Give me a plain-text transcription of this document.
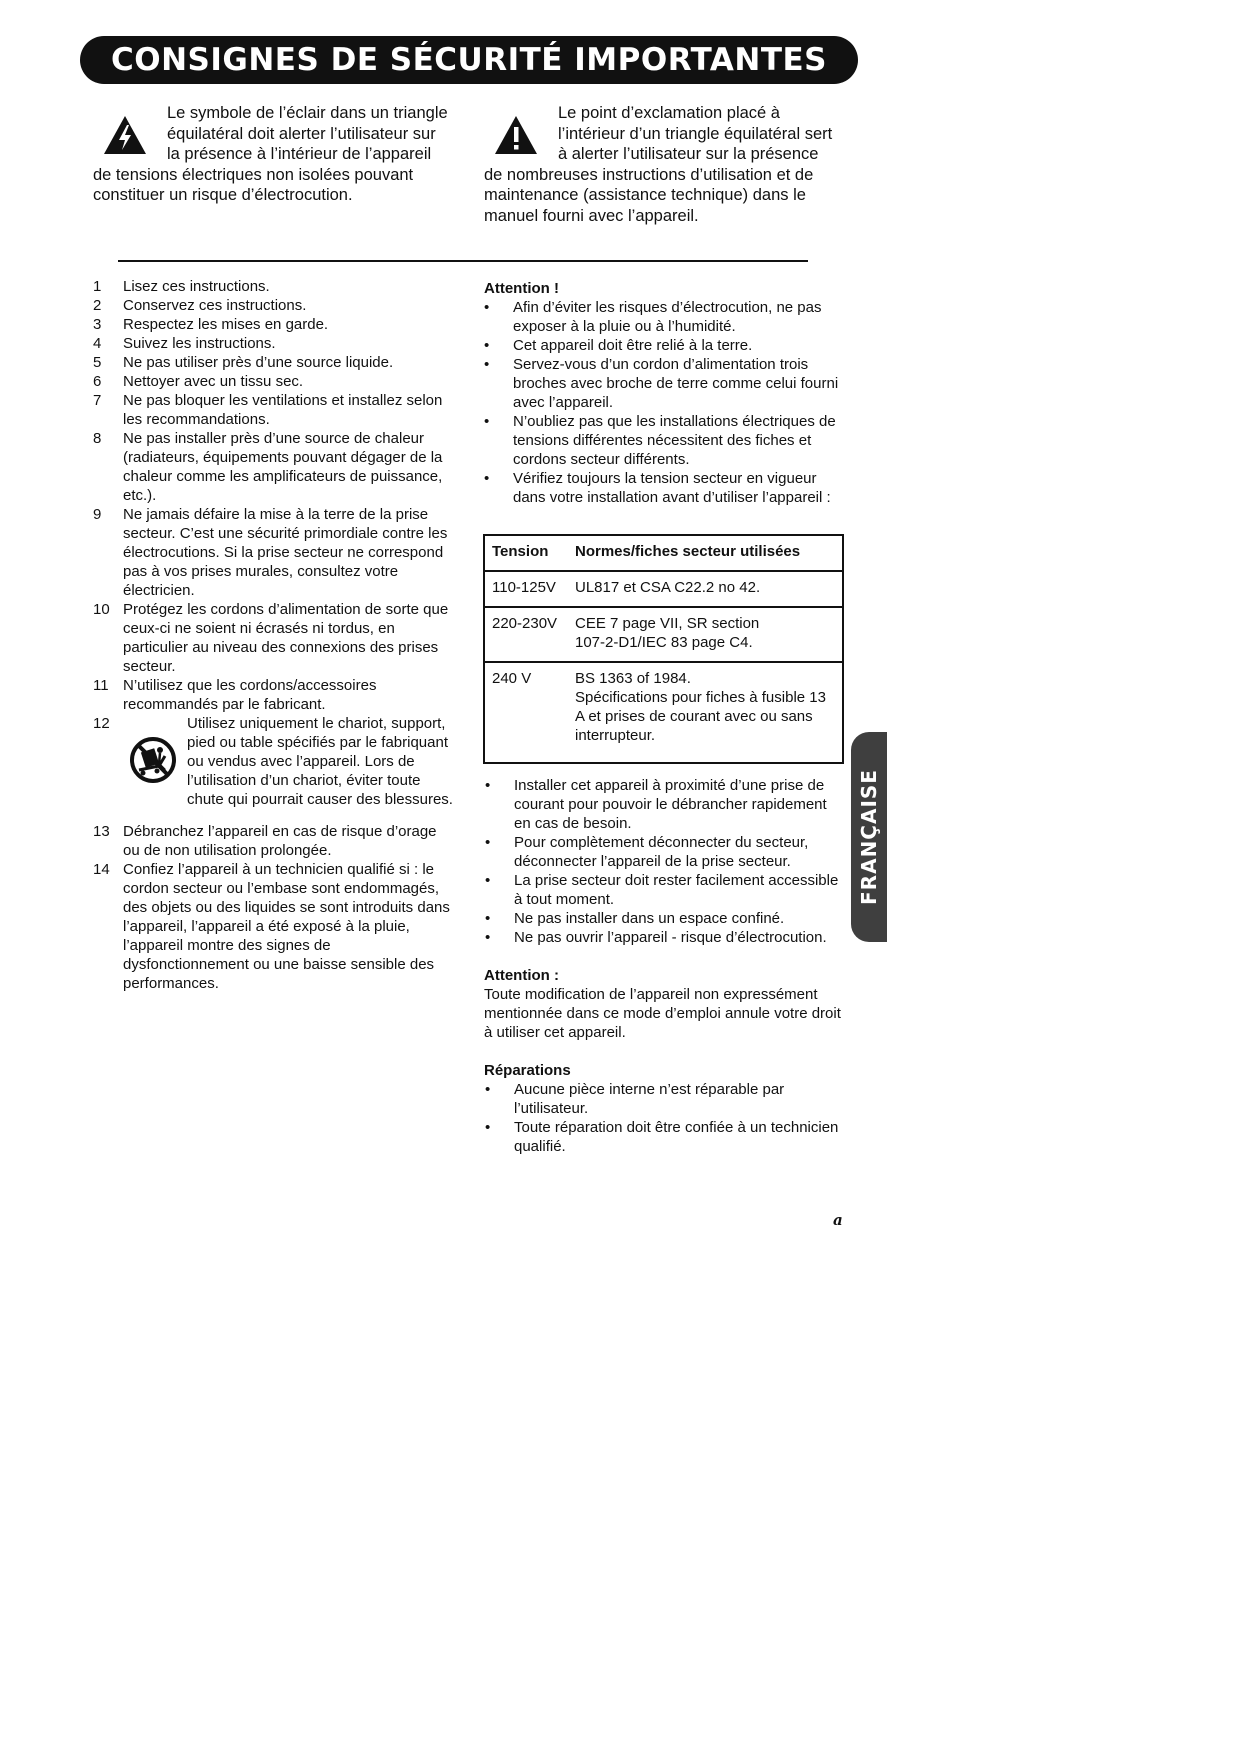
CONSIGNES DE SÉCURITÉ IMPORTANTES

Le symbole de l’éclair dans un triangle équilatéral doit alerter l’utilisateur sur la présence à l’intérieur de l’appareil de tensions électriques non isolées pouvant constituer un risque d’électrocution.

Le point d’exclamation placé à l’intérieur d’un triangle équilatéral sert à alerter l’utilisateur sur la présence de nombreuses instructions d’utilisation et de maintenance (assistance technique) dans le manuel fourni avec l’appareil.

1 Lisez ces instructions.
2 Conservez ces instructions.
3 Respectez les mises en garde.
4 Suivez les instructions.
5 Ne pas utiliser près d’une source liquide.
6 Nettoyer avec un tissu sec.
7 Ne pas bloquer les ventilations et installez selon les recommandations.
8 Ne pas installer près d’une source de chaleur (radiateurs, équipements pouvant dégager de la chaleur comme les amplificateurs de puissance, etc.).
9 Ne jamais défaire la mise à la terre de la prise secteur. C’est une sécurité primordiale contre les électrocutions. Si la prise secteur ne correspond pas à vos prises murales, consultez votre électricien.
10 Protégez les cordons d’alimentation de sorte que ceux-ci ne soient ni écrasés ni tordus, en particulier au niveau des connexions des prises secteur.
11 N’utilisez que les cordons/accessoires recommandés par le fabricant.
12	Utilisez uniquement le chariot, support, pied ou table spécifiés par le fabriquant ou vendus avec l’appareil. Lors de l’utilisation d’un chariot, éviter toute chute qui pourrait causer des blessures.
13 Débranchez l’appareil en cas de risque d’orage ou de non utilisation prolongée.
14 Confiez l’appareil à un technicien qualifié si : le cordon secteur ou l’embase sont endommagés, des objets ou des liquides se sont introduits dans l’appareil, l’appareil a été exposé à la pluie, l’appareil montre des signes de dysfonctionnement ou une baisse sensible des performances.

Attention !

• Afin d’éviter les risques d’électrocution, ne pas exposer à la pluie ou à l’humidité.
• Cet appareil doit être relié à la terre.
• Servez-vous d’un cordon d’alimentation trois broches avec broche de terre comme celui fourni avec l’appareil.
• N’oubliez pas que les installations électriques de tensions différentes nécessitent des fiches et cordons secteur différents.
• Vérifiez toujours la tension secteur en vigueur dans votre installation avant d’utiliser l’appareil :
Tension	Normes/fiches secteur utilisées
110-125V	UL817 et CSA C22.2 no 42.

220-230V	CEE 7 page VII, SR section
107-2-D1/IEC 83 page C4.

240 V	BS 1363 of 1984.
Spécifications pour fiches à fusible 13 A et prises de courant avec ou sans interrupteur.
• Installer cet appareil à proximité d’une prise de courant pour pouvoir le débrancher rapidement en cas de besoin.
• Pour complètement déconnecter du secteur, déconnecter l’appareil de la prise secteur.
• La prise secteur doit rester facilement accessible à tout moment.
• Ne pas installer dans un espace confiné.
• Ne pas ouvrir l’appareil - risque d’électrocution.

Attention :

Toute modification de l’appareil non expressément mentionnée dans ce mode d’emploi annule votre droit à utiliser cet appareil.

Réparations

• Aucune pièce interne n’est réparable par l’utilisateur.
• Toute réparation doit être confiée à un technicien qualifié.
FRANÇAISE
a
